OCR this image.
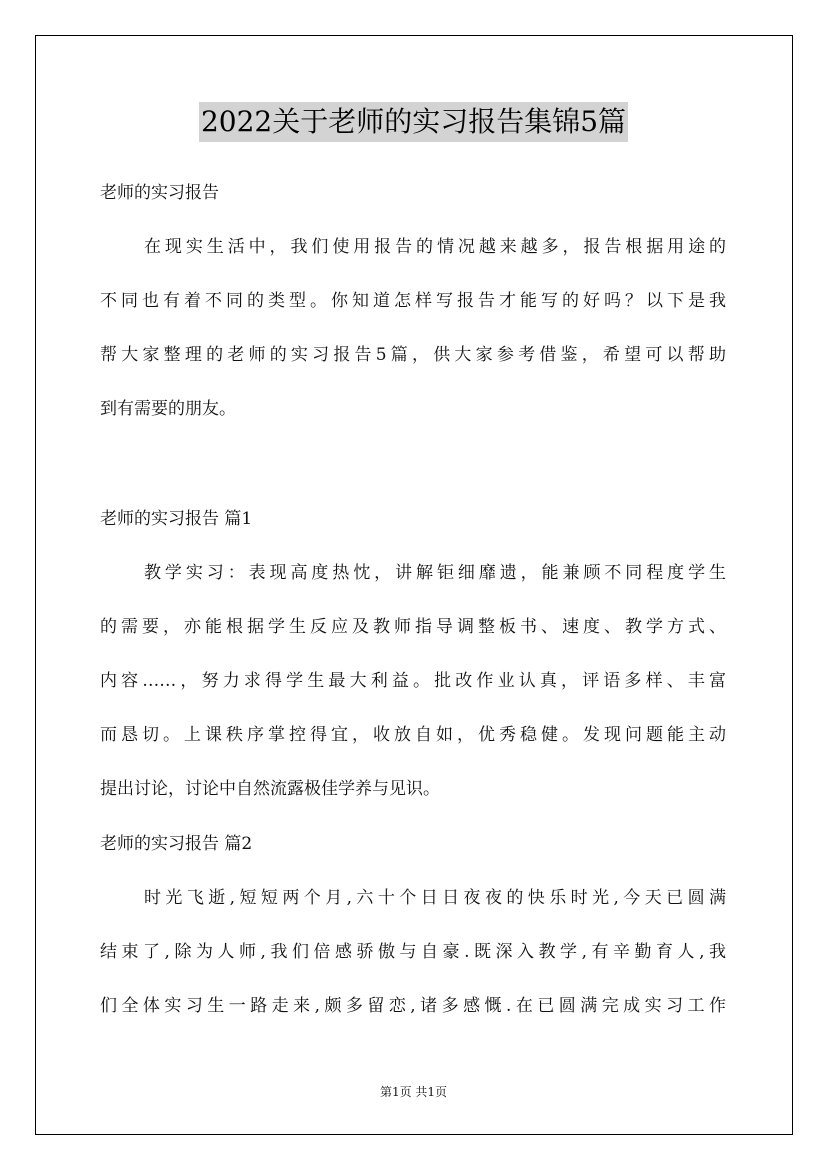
2022关于老师的实习报告集锦5篇
老师的实习报告
在现实生活中，我们使用报告的情况越来越多，报告根据用途的
不同也有着不同的类型。你知道怎样写报告才能写的好吗？以下是我
帮大家整理的老师的实习报告5篇，供大家参考借鉴，希望可以帮助
到有需要的朋友。
老师的实习报告 篇1
教学实习：表现高度热忱，讲解钜细靡遗，能兼顾不同程度学生
的需要，亦能根据学生反应及教师指导调整板书、速度、教学方式、
内容……，努力求得学生最大利益。批改作业认真，评语多样、丰富
而恳切。上课秩序掌控得宜，收放自如，优秀稳健。发现问题能主动
提出讨论，讨论中自然流露极佳学养与见识。
老师的实习报告 篇2
时光飞逝,短短两个月,六十个日日夜夜的快乐时光,今天已圆满
结束了,除为人师,我们倍感骄傲与自豪.既深入教学,有辛勤育人,我
们全体实习生一路走来,颇多留恋,诸多感慨.在已圆满完成实习工作
第1页 共1页
